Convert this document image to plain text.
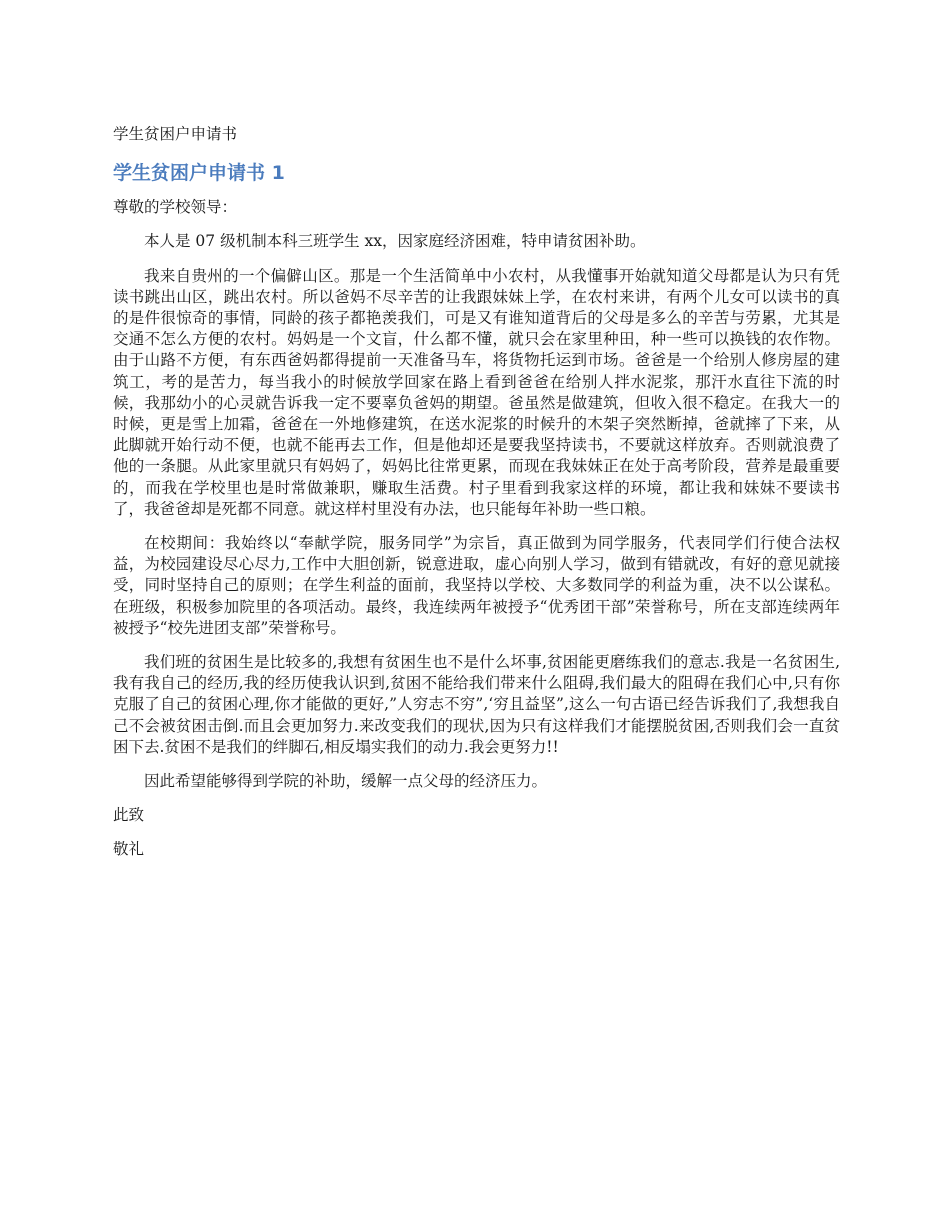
学生贫困户申请书

学生贫困户申请书 1

尊敬的学校领导：

本人是 07 级机制本科三班学生 xx，因家庭经济困难，特申请贫困补助。

我来自贵州的一个偏僻山区。那是一个生活简单中小农村，从我懂事开始就知道父母都是认为只有凭读书跳出山区，跳出农村。所以爸妈不尽辛苦的让我跟妹妹上学，在农村来讲，有两个儿女可以读书的真的是件很惊奇的事情，同龄的孩子都艳羡我们，可是又有谁知道背后的父母是多么的辛苦与劳累，尤其是交通不怎么方便的农村。妈妈是一个文盲，什么都不懂，就只会在家里种田，种一些可以换钱的农作物。由于山路不方便，有东西爸妈都得提前一天准备马车，将货物托运到市场。爸爸是一个给别人修房屋的建筑工，考的是苦力，每当我小的时候放学回家在路上看到爸爸在给别人拌水泥浆，那汗水直往下流的时候，我那幼小的心灵就告诉我一定不要辜负爸妈的期望。爸虽然是做建筑，但收入很不稳定。在我大一的时候，更是雪上加霜，爸爸在一外地修建筑，在送水泥浆的时候升的木架子突然断掉，爸就摔了下来，从此脚就开始行动不便，也就不能再去工作，但是他却还是要我坚持读书，不要就这样放弃。否则就浪费了他的一条腿。从此家里就只有妈妈了，妈妈比往常更累，而现在我妹妹正在处于高考阶段，营养是最重要的，而我在学校里也是时常做兼职，赚取生活费。村子里看到我家这样的环境，都让我和妹妹不要读书了，我爸爸却是死都不同意。就这样村里没有办法，也只能每年补助一些口粮。

在校期间：我始终以“奉献学院，服务同学”为宗旨，真正做到为同学服务，代表同学们行使合法权益，为校园建设尽心尽力,工作中大胆创新，锐意进取，虚心向别人学习，做到有错就改，有好的意见就接受，同时坚持自己的原则；在学生利益的面前，我坚持以学校、大多数同学的利益为重，决不以公谋私。在班级，积极参加院里的各项活动。最终，我连续两年被授予“优秀团干部”荣誉称号，所在支部连续两年被授予“校先进团支部”荣誉称号。

我们班的贫困生是比较多的,我想有贫困生也不是什么坏事,贫困能更磨练我们的意志.我是一名贫困生,我有我自己的经历,我的经历使我认识到,贫困不能给我们带来什么阻碍,我们最大的阻碍在我们心中,只有你克服了自己的贫困心理,你才能做的更好,”人穷志不穷”,‘穷且益坚”,这么一句古语已经告诉我们了,我想我自己不会被贫困击倒.而且会更加努力.来改变我们的现状,因为只有这样我们才能摆脱贫困,否则我们会一直贫困下去.贫困不是我们的绊脚石,相反塌实我们的动力.我会更努力!!

因此希望能够得到学院的补助，缓解一点父母的经济压力。

此致

敬礼
